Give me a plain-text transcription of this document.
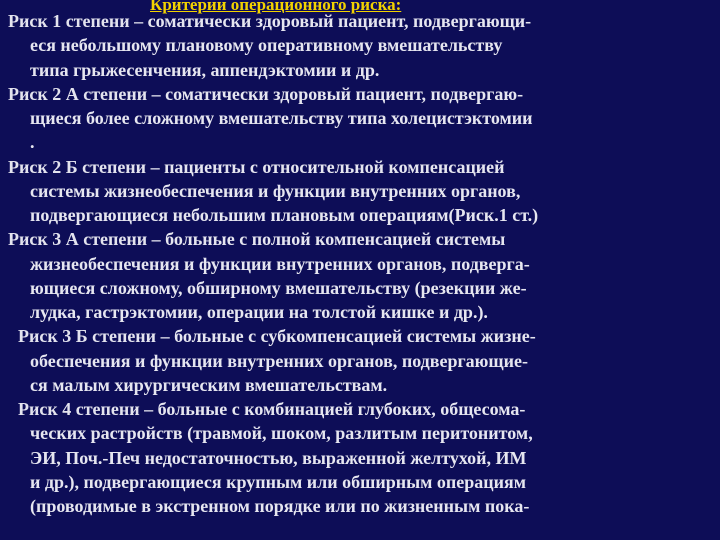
Критерии операционного риска:
Риск 1 степени – соматически здоровый пациент, подвергающи-
еся небольшому плановому оперативному вмешательству
типа грыжесенчения, аппендэктомии и др.
Риск 2 А степени – соматически здоровый пациент, подвергаю-
щиеся более сложному вмешательству типа холецистэктомии
.
Риск 2 Б степени – пациенты с относительной компенсацией
системы жизнеобеспечения и функции внутренних органов,
подвергающиеся небольшим плановым операциям(Риск.1 ст.)
Риск 3 А степени – больные с полной компенсацией системы
жизнеобеспечения и функции внутренних органов, подверга-
ющиеся сложному, обширному вмешательству (резекции же-
лудка, гастрэктомии, операции на толстой кишке и др.).
Риск 3 Б степени – больные с субкомпенсацией системы жизне-
обеспечения и функции внутренних органов, подвергающие-
ся малым хирургическим вмешательствам.
Риск 4 степени – больные с комбинацией глубоких, общесома-
ческих растройств (травмой, шоком, разлитым перитонитом,
ЭИ, Поч.-Печ недостаточностью, выраженной желтухой, ИМ
и др.), подвергающиеся крупным или обширным операциям
(проводимые в экстренном порядке или по жизненным пока-
